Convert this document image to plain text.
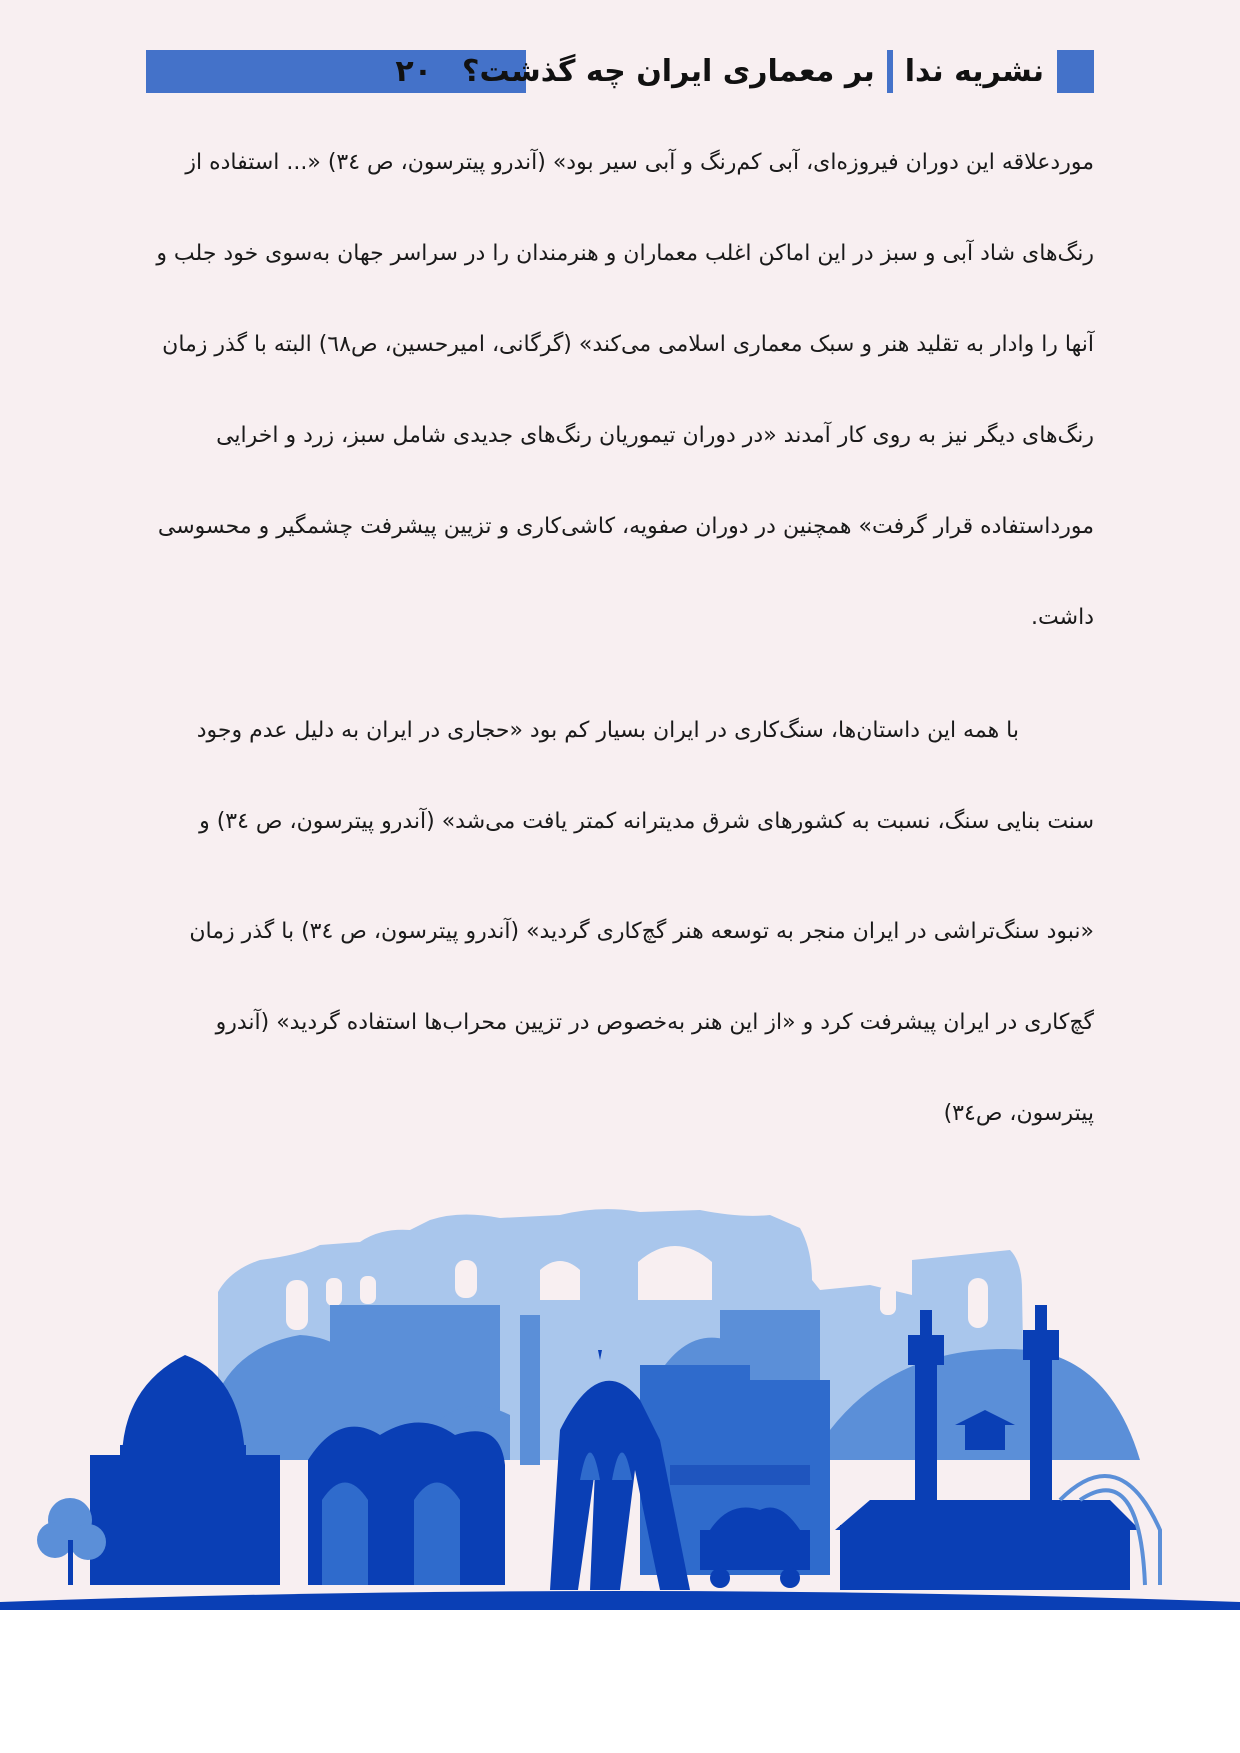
نشریه ندا
بر معماری ایران چه گذشت؟
۲۰
موردعلاقه این دوران فیروزه‌ای، آبی کم‌رنگ و آبی سیر بود» (آندرو پیترسون، ص ٣٤) «... استفاده از
رنگ‌های شاد آبی و سبز در این اماکن اغلب معماران و هنرمندان را در سراسر جهان به‌سوی خود جلب و
آنها را وادار به تقلید هنر و سبک معماری اسلامی می‌کند» (گرگانی، امیرحسین، ص٦٨) البته با گذر زمان
رنگ‌های دیگر نیز به روی کار آمدند «در دوران تیموریان رنگ‌های جدیدی شامل سبز، زرد و اخرایی
مورداستفاده قرار گرفت» همچنین در دوران صفویه، کاشی‌کاری و تزیین پیشرفت چشمگیر و محسوسی
داشت.
با همه این داستان‌ها، سنگ‌کاری در ایران بسیار کم بود «حجاری در ایران به دلیل عدم وجود
سنت بنایی سنگ، نسبت به کشورهای شرق مدیترانه کمتر یافت می‌شد» (آندرو پیترسون، ص ٣٤) و
«نبود سنگ‌تراشی در ایران منجر به توسعه هنر گچ‌کاری گردید» (آندرو پیترسون، ص ٣٤) با گذر زمان
گچ‌کاری در ایران پیشرفت کرد و «از این هنر به‌خصوص در تزیین محراب‌ها استفاده گردید» (آندرو
پیترسون، ص٣٤)
